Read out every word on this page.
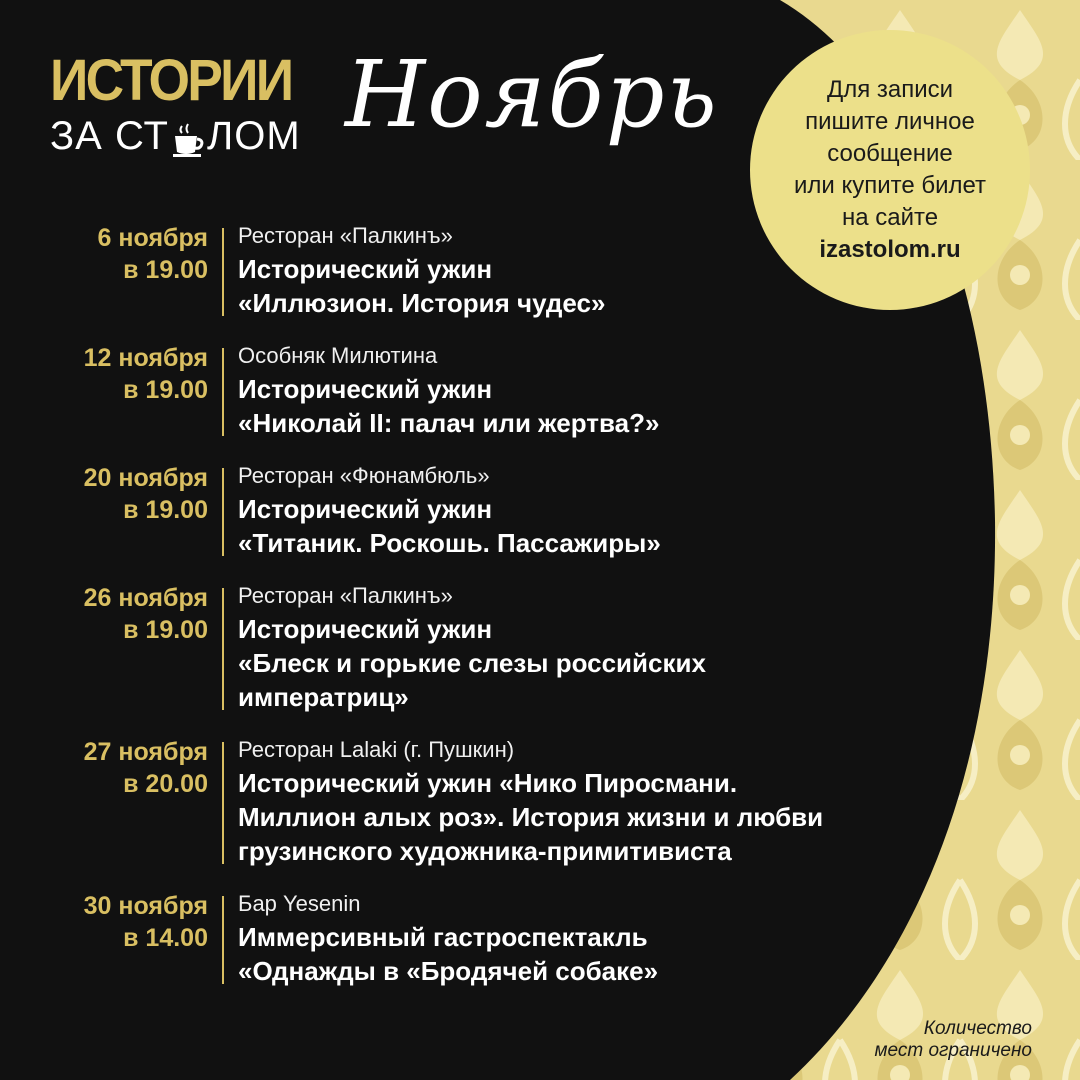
ИСТОРИИ
ЗА СТ ЛОМ Ноябрь	Для записи

пишите личное

сообщение

или купите билет

на сайте

izastolom.ru

6 ноября
в 19.00
Ресторан «Палкинъ»
Исторический ужин
«Иллюзион. История чудес»
12 ноября
в 19.00
Особняк Милютина
Исторический ужин
«Николай II: палач или жертва?»
20 ноября
в 19.00
Ресторан «Фюнамбюль»
Исторический ужин
«Титаник. Роскошь. Пассажиры»
26 ноября
в 19.00
Ресторан «Палкинъ»
Исторический ужин
«Блеск и горькие слезы российских
императриц»
27 ноября
в 20.00
Ресторан Lalaki (г. Пушкин)
Исторический ужин «Нико Пиросмани.
Миллион алых роз». История жизни и любви
грузинского художника-примитивиста
30 ноября
в 14.00
Бар Yesenin
Иммерсивный гастроспектакль
«Однажды в «Бродячей собаке»
Количество
мест ограничено
